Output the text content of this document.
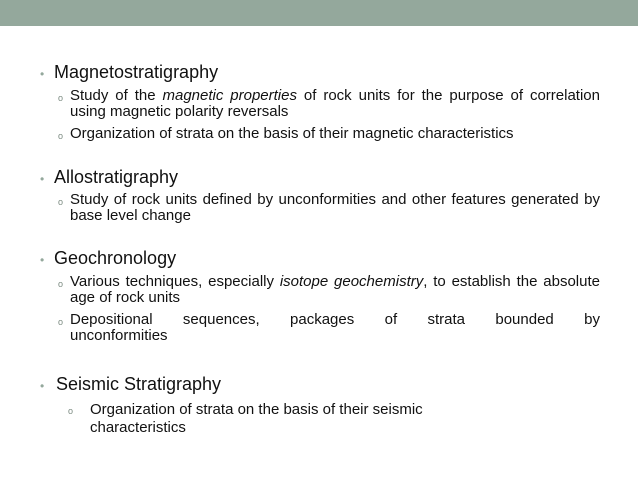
• Magnetostratigraphy
o Study of the magnetic properties of rock units for the purpose of correlation using magnetic polarity reversals
o Organization of strata on the basis of their magnetic characteristics
• Allostratigraphy
o Study of rock units defined by unconformities and other features generated by base level change
• Geochronology
o Various techniques, especially isotope geochemistry, to establish the absolute age of rock units
o Depositional sequences, packages of strata bounded by
unconformities
• Seismic Stratigraphy
o	Organization of strata on the basis of their seismic characteristics
